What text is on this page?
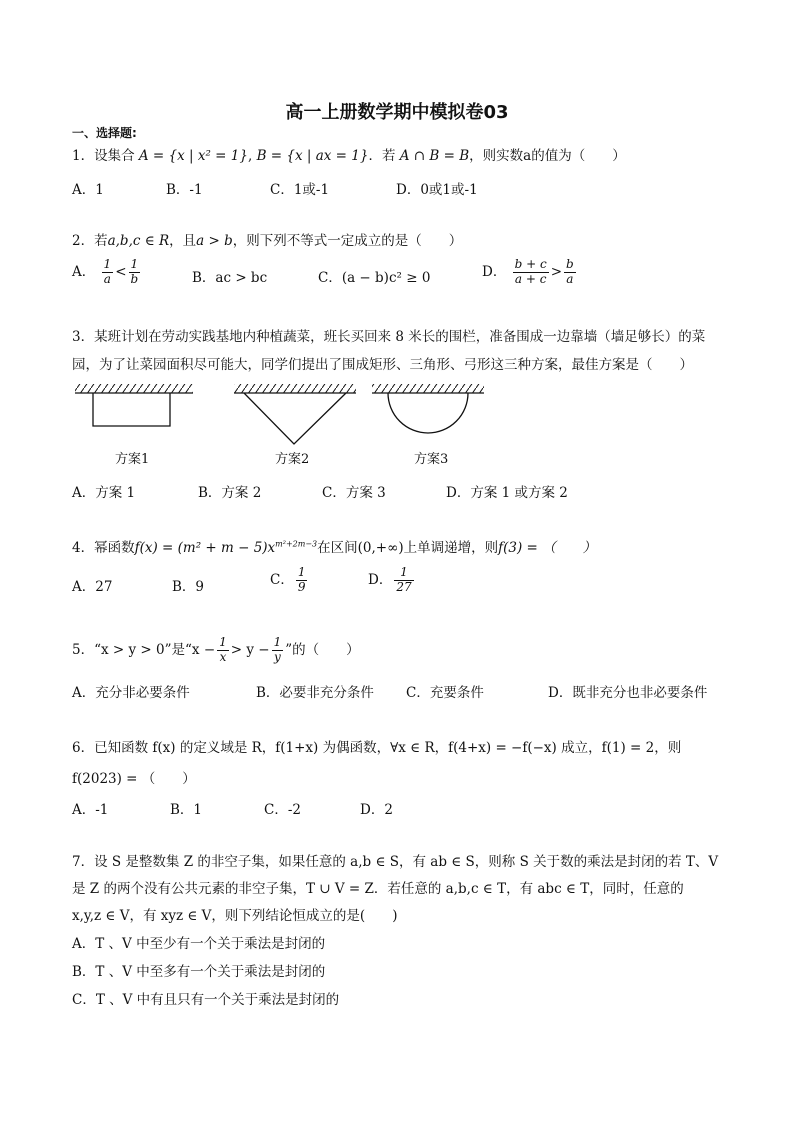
高一上册数学期中模拟卷03
一、选择题:
1．设集合 A = {x | x² = 1}, B = {x | ax = 1}．若 A ∩ B = B，则实数a的值为（　　）
A．1	B．-1	C．1或-1	D．0或1或-1
2．若a,b,c ∈ R，且a > b，则下列不等式一定成立的是（　　）
A． $\frac{1}{a} < \frac{1}{b}$	B．ac > bc	C．(a − b)c² ≥ 0	D． $\frac{b + c}{a + c} > \frac{b}{a}$
3．某班计划在劳动实践基地内种植蔬菜，班长买回来 8 米长的围栏，准备围成一边靠墙（墙足够长）的菜
园，为了让菜园面积尽可能大，同学们提出了围成矩形、三角形、弓形这三种方案，最佳方案是（　　）
方案1	方案2	方案3
A．方案 1	B．方案 2	C．方案 3	D．方案 1 或方案 2
4．幂函数$f(x) = (m^2 + m - 5)x^{m^2+2m-3}$在区间(0,+∞)上单调递增，则f(3) = （　　）
A．27	B．9	C． $\frac{1}{9}$	D． $\frac{1}{27}$
5．“x > y > 0”是“$x - \frac{1}{x} > y - \frac{1}{y}$ ”的（　　）
A．充分非必要条件	B．必要非充分条件 C．充要条件	D．既非充分也非必要条件
6．已知函数 f(x) 的定义域是 R，f(1+x) 为偶函数，∀x ∈ R，f(4+x) = −f(−x) 成立，f(1) = 2，则
f(2023) = （　　）
A．-1	B．1	C．-2	D．2
7．设 S 是整数集 Z 的非空子集，如果任意的 a,b ∈ S，有 ab ∈ S，则称 S 关于数的乘法是封闭的若 T、V
是 Z 的两个没有公共元素的非空子集，T ∪ V = Z．若任意的 a,b,c ∈ T，有 abc ∈ T，同时，任意的
x,y,z ∈ V，有 xyz ∈ V，则下列结论恒成立的是(　　)
A．T 、V 中至少有一个关于乘法是封闭的
B．T 、V 中至多有一个关于乘法是封闭的
C．T 、V 中有且只有一个关于乘法是封闭的
